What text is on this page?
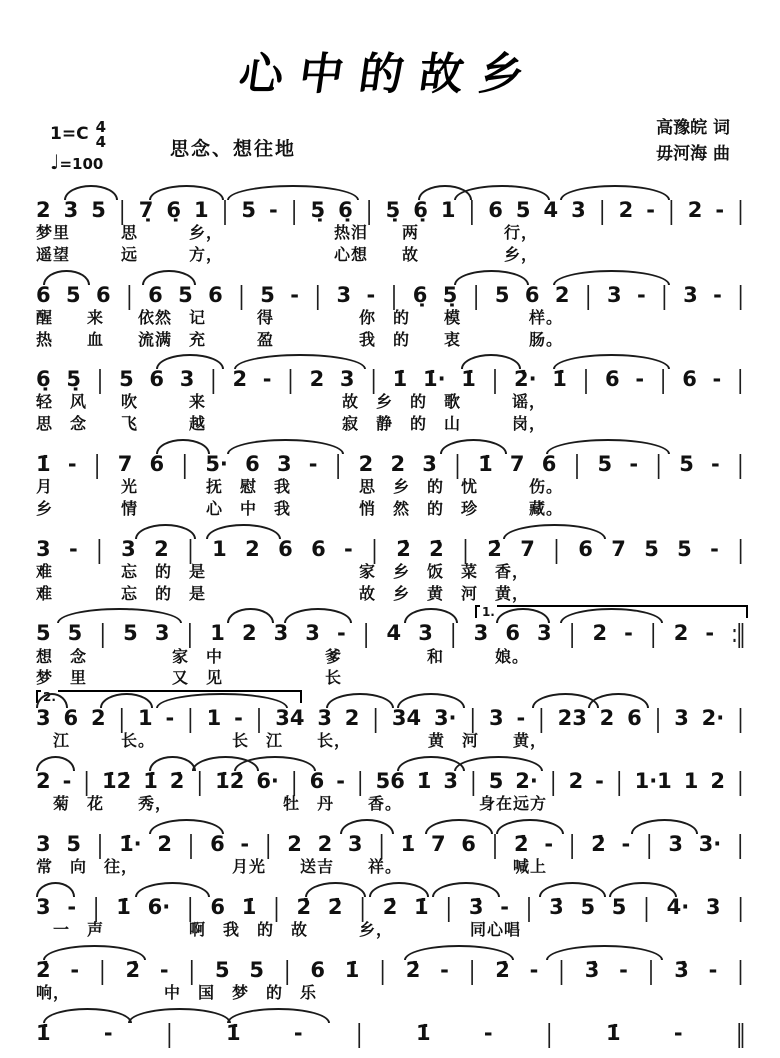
心中的故乡
1=C 4
4
♩=100
思念、想往地
高豫皖 词
毋河海 曲
2 3 5 | 7̣ 6̣ 1 | 5 - | 5̣ 6̣ | 5̣ 6̣ 1 | 6 5 4 3 | 2 - | 2 - |
梦里　　　思　　　乡，　　　　　　　热泪　　两　　　　　行，
遥望　　　远　　　方，　　　　　　　心想　　故　　　　　乡，
6 5 6 | 6 5 6 | 5 - | 3 - | 6̣ 5̣ | 5 6 2 | 3 - | 3 - |
醒　　来　　依然　记　　　得　　　　　你　的　　模　　　　样。
热　　血　　流满　充　　　盈　　　　　我　的　　衷　　　　肠。
6̣ 5̣ | 5 6 3 | 2 - | 2 3 | 1̇ 1̇· 1̇ | 2̇· 1̇ | 6 - | 6 - |
轻　风　　吹　　　来　　　　　　　　故　乡　的　歌　　　谣，
思　念　　飞　　　越　　　　　　　　寂　静　的　山　　　岗，
1̇ - | 7 6 | 5· 6 3 - | 2 2 3 | 1̇ 7 6 | 5 - | 5 - |
月　　　　光　　　　抚　慰　我　　　　思　乡　的　忧　　　伤。
乡　　　　情　　　　心　中　我　　　　悄　然　的　珍　　　藏。
3 - | 3 2 | 1 2 6 6 - | 2̇ 2̇ | 2̇ 7 | 6 7 5 5 - |
难　　　　忘　的　是　　　　　　　　　家　乡　饭　菜　香，
难　　　　忘　的　是　　　　　　　　　故　乡　黄　河　黄，
1.
5 5 | 5 3 | 1 2 3 3 - | 4 3 | 3 6 3 | 2 - | 2 - :‖
想　念　　　　　家　中　　　　　　爹　　　　　和　　　娘。
梦　里　　　　　又　见　　　　　　长
2.
3 6 2 | 1 - | 1 - | 34 3 2 | 34 3· | 3 - | 23 2 6 | 3 2· |
　江　　　长。　　　　　长　江　　长，　　　　　黄　河　　黄，
2 - | 1̇2̇ 1̇ 2̇ | 1̇2̇ 6· | 6 - | 56 1̇ 3 | 5 2· | 2 - | 1·1 1 2 |
　菊　花　　秀，　　　　　　　牡　丹　　香。　　　　　身在远方
3 5 | 1̇· 2 | 6 - | 2 2 3 | 1̇ 7 6 | 2̇ - | 2̇ - | 3 3· |
常　向　往，　　　　　　月光　　送吉　　祥。　　　　　　　喊上
3 - | 1̇ 6· | 6 1̇ | 2̇ 2̇ | 2̇ 1̇ | 3̇ - | 3̇ 5 5 | 4· 3 |
　一　声　　　　　啊　我　的　故　　　乡，　　　　　同心唱
2̇ - | 2̇ - | 5 5 | 6 1̇ | 2̇ - | 2̇ - | 3̇ - | 3̇ - |
响，　　　　　　中　国　梦　的　乐
1̇	-	|	1̇	-	|	1̇	-	|	1̇	-	‖
